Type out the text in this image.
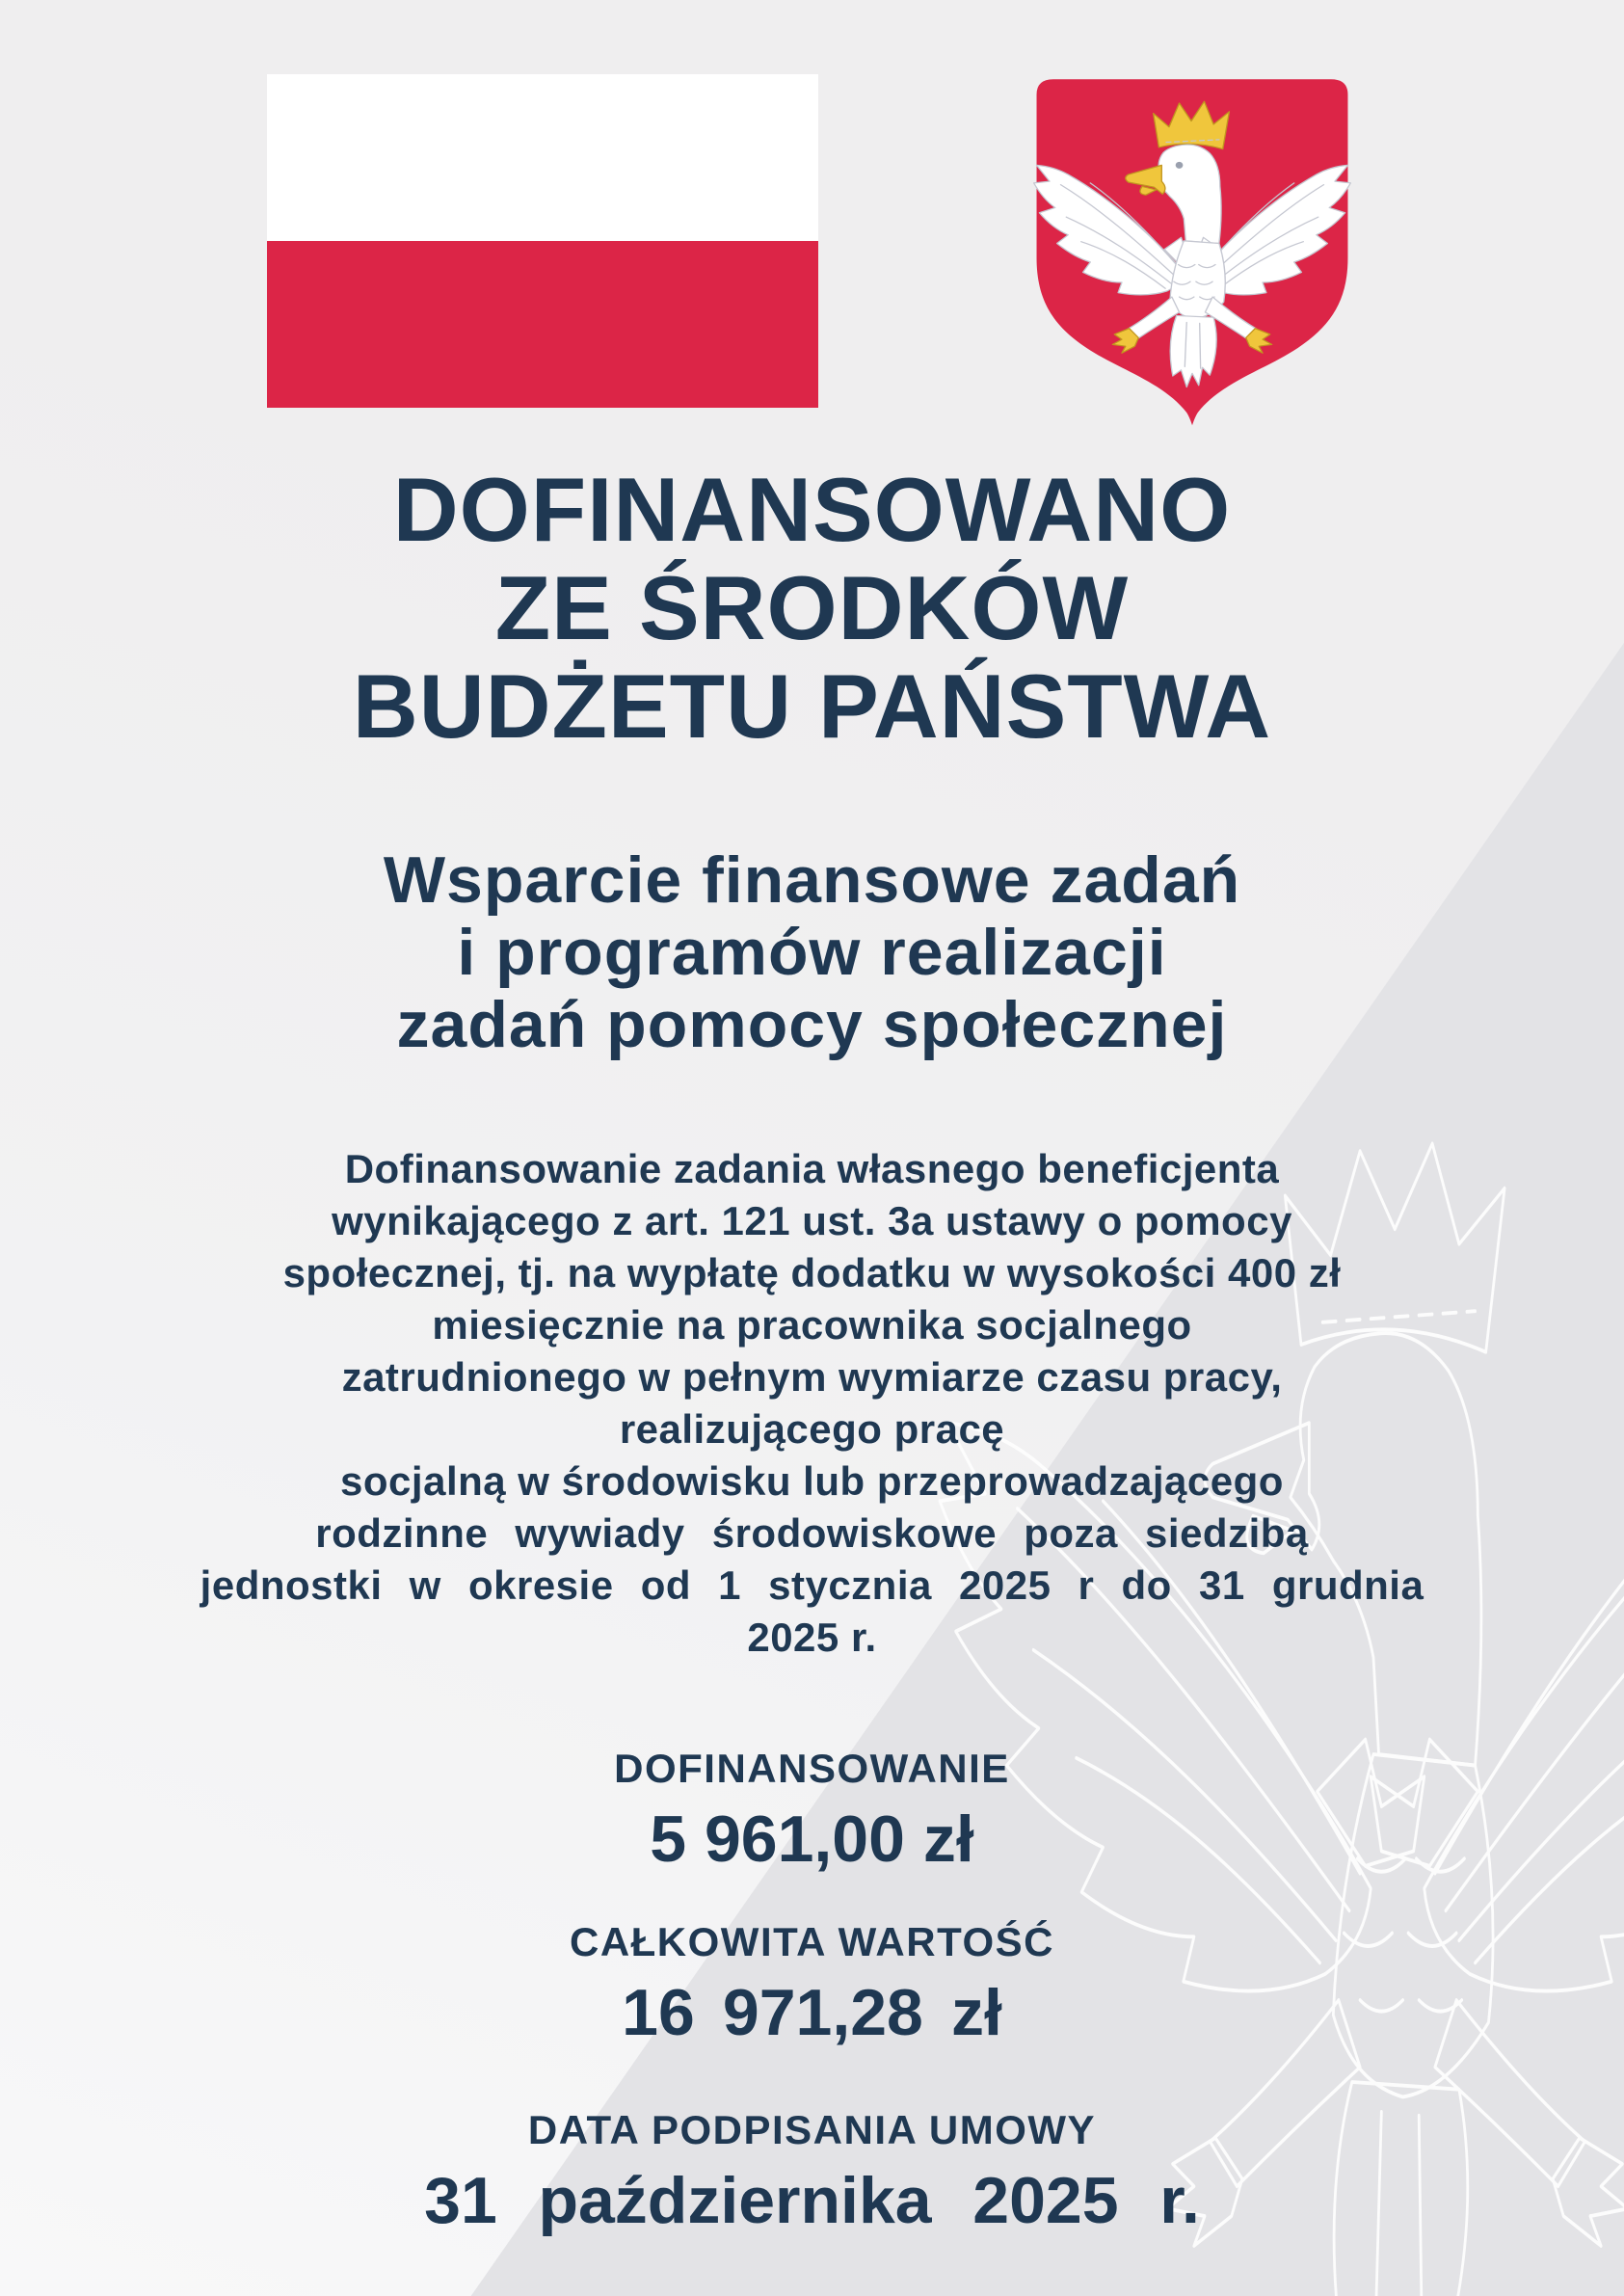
DOFINANSOWANO
ZE ŚRODKÓW
BUDŻETU PAŃSTWA
Wsparcie finansowe zadań
i programów realizacji
zadań pomocy społecznej
Dofinansowanie zadania własnego beneficjenta
wynikającego z art. 121 ust. 3a ustawy o pomocy
społecznej, tj. na wypłatę dodatku w wysokości 400 zł
miesięcznie na pracownika socjalnego
zatrudnionego w pełnym wymiarze czasu pracy,
realizującego pracę
socjalną w środowisku lub przeprowadzającego
rodzinne wywiady środowiskowe poza siedzibą
jednostki w okresie od 1 stycznia 2025 r do 31 grudnia
2025 r.
DOFINANSOWANIE
5 961,00 zł
CAŁKOWITA WARTOŚĆ
16 971,28 zł
DATA PODPISANIA UMOWY
31 października 2025 r.
